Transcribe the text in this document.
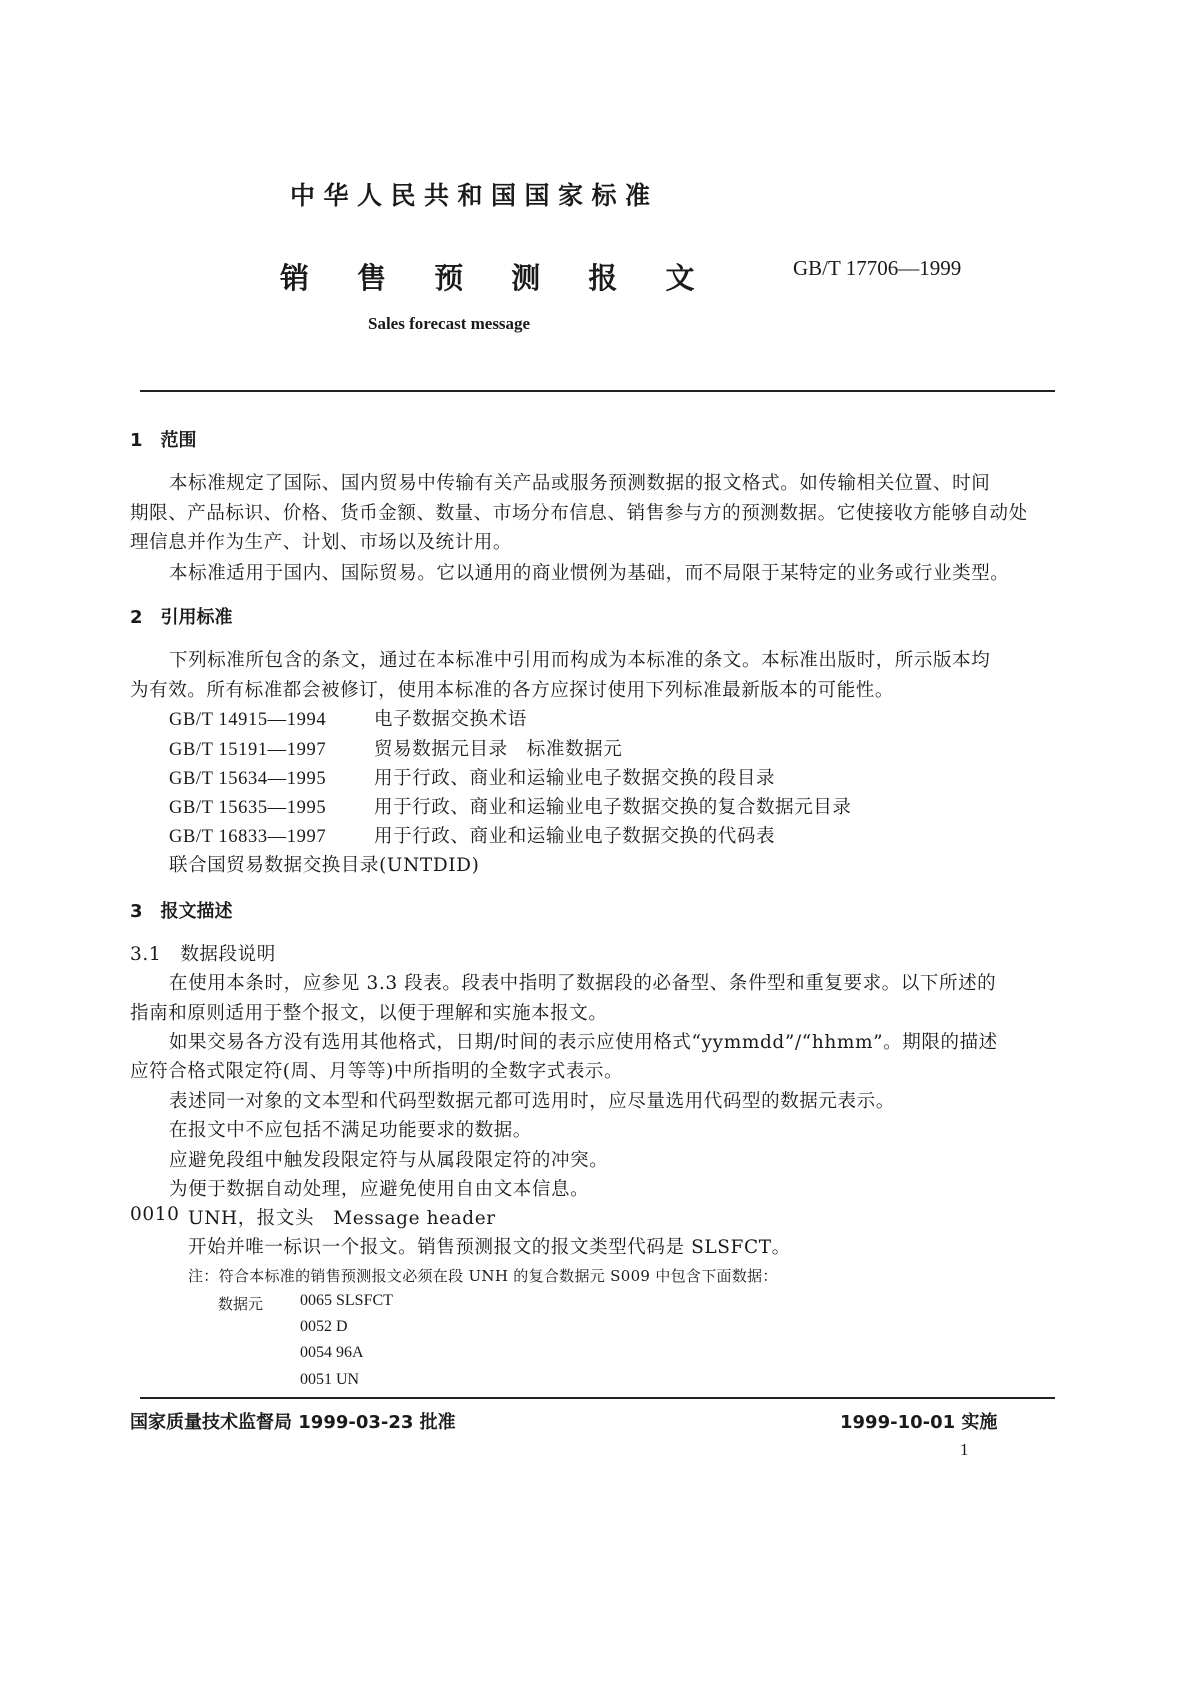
中华人民共和国国家标准
销 售 预 测 报 文	GB/T 17706—1999
Sales forecast message
1　范围
本标准规定了国际、国内贸易中传输有关产品或服务预测数据的报文格式。如传输相关位置、时间
期限、产品标识、价格、货币金额、数量、市场分布信息、销售参与方的预测数据。它使接收方能够自动处
理信息并作为生产、计划、市场以及统计用。
本标准适用于国内、国际贸易。它以通用的商业惯例为基础，而不局限于某特定的业务或行业类型。
2　引用标准
下列标准所包含的条文，通过在本标准中引用而构成为本标准的条文。本标准出版时，所示版本均
为有效。所有标准都会被修订，使用本标准的各方应探讨使用下列标准最新版本的可能性。
GB/T 14915—1994	电子数据交换术语
GB/T 15191—1997	贸易数据元目录　标准数据元
GB/T 15634—1995	用于行政、商业和运输业电子数据交换的段目录
GB/T 15635—1995	用于行政、商业和运输业电子数据交换的复合数据元目录
GB/T 16833—1997	用于行政、商业和运输业电子数据交换的代码表
联合国贸易数据交换目录(UNTDID)
3　报文描述
3.1　数据段说明
在使用本条时，应参见 3.3 段表。段表中指明了数据段的必备型、条件型和重复要求。以下所述的
指南和原则适用于整个报文，以便于理解和实施本报文。
如果交易各方没有选用其他格式，日期/时间的表示应使用格式“yymmdd”/“hhmm”。期限的描述
应符合格式限定符(周、月等等)中所指明的全数字式表示。
表述同一对象的文本型和代码型数据元都可选用时，应尽量选用代码型的数据元表示。
在报文中不应包括不满足功能要求的数据。
应避免段组中触发段限定符与从属段限定符的冲突。
为便于数据自动处理，应避免使用自由文本信息。
0010 UNH，报文头　Message header
开始并唯一标识一个报文。销售预测报文的报文类型代码是 SLSFCT。
注：符合本标准的销售预测报文必须在段 UNH 的复合数据元 S009 中包含下面数据：
数据元 0065 SLSFCT
0052 D
0054 96A
0051 UN
国家质量技术监督局 1999-03-23 批准	1999-10-01 实施
1
